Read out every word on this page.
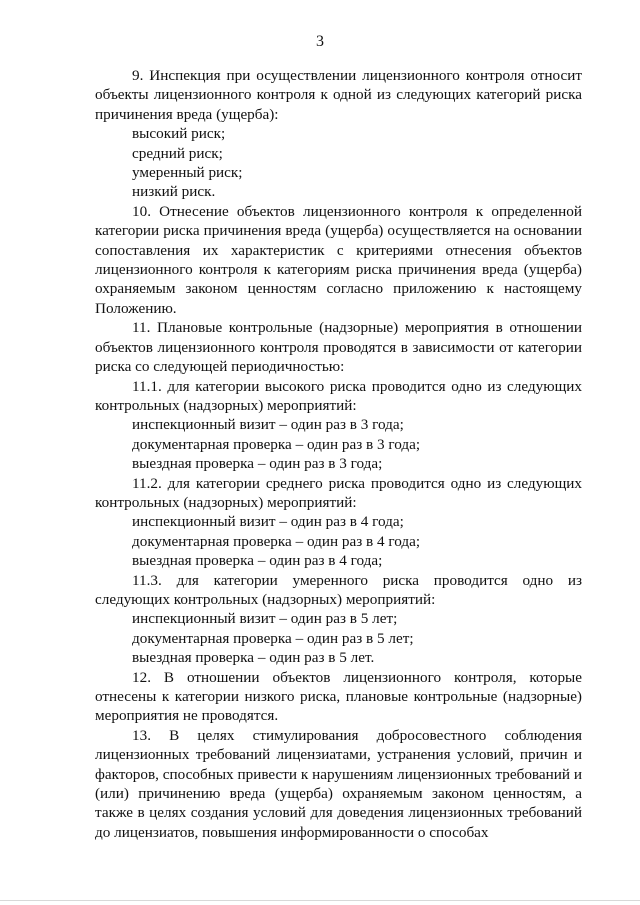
3

9. Инспекция при осуществлении лицензионного контроля относит объекты лицензионного контроля к одной из следующих категорий риска причинения вреда (ущерба):

высокий риск;

средний риск;

умеренный риск;

низкий риск.

10. Отнесение объектов лицензионного контроля к определенной категории риска причинения вреда (ущерба) осуществляется на основании сопоставления их характеристик с критериями отнесения объектов лицензионного контроля к категориям риска причинения вреда (ущерба) охраняемым законом ценностям согласно приложению к настоящему Положению.

11. Плановые контрольные (надзорные) мероприятия в отношении объектов лицензионного контроля проводятся в зависимости от категории риска со следующей периодичностью:

11.1. для категории высокого риска проводится одно из следующих контрольных (надзорных) мероприятий:

инспекционный визит – один раз в 3 года;

документарная проверка – один раз в 3 года;

выездная проверка – один раз в 3 года;

11.2. для категории среднего риска проводится одно из следующих контрольных (надзорных) мероприятий:

инспекционный визит – один раз в 4 года;

документарная проверка – один раз в 4 года;

выездная проверка – один раз в 4 года;

11.3. для категории умеренного риска проводится одно из следующих контрольных (надзорных) мероприятий:

инспекционный визит – один раз в 5 лет;

документарная проверка – один раз в 5 лет;

выездная проверка – один раз в 5 лет.

12. В отношении объектов лицензионного контроля, которые отнесены к категории низкого риска, плановые контрольные (надзорные) мероприятия не проводятся.

13. В целях стимулирования добросовестного соблюдения лицензионных требований лицензиатами, устранения условий, причин и факторов, способных привести к нарушениям лицензионных требований и (или) причинению вреда (ущерба) охраняемым законом ценностям, а также в целях создания условий для доведения лицензионных требований до лицензиатов, повышения информированности о способах
